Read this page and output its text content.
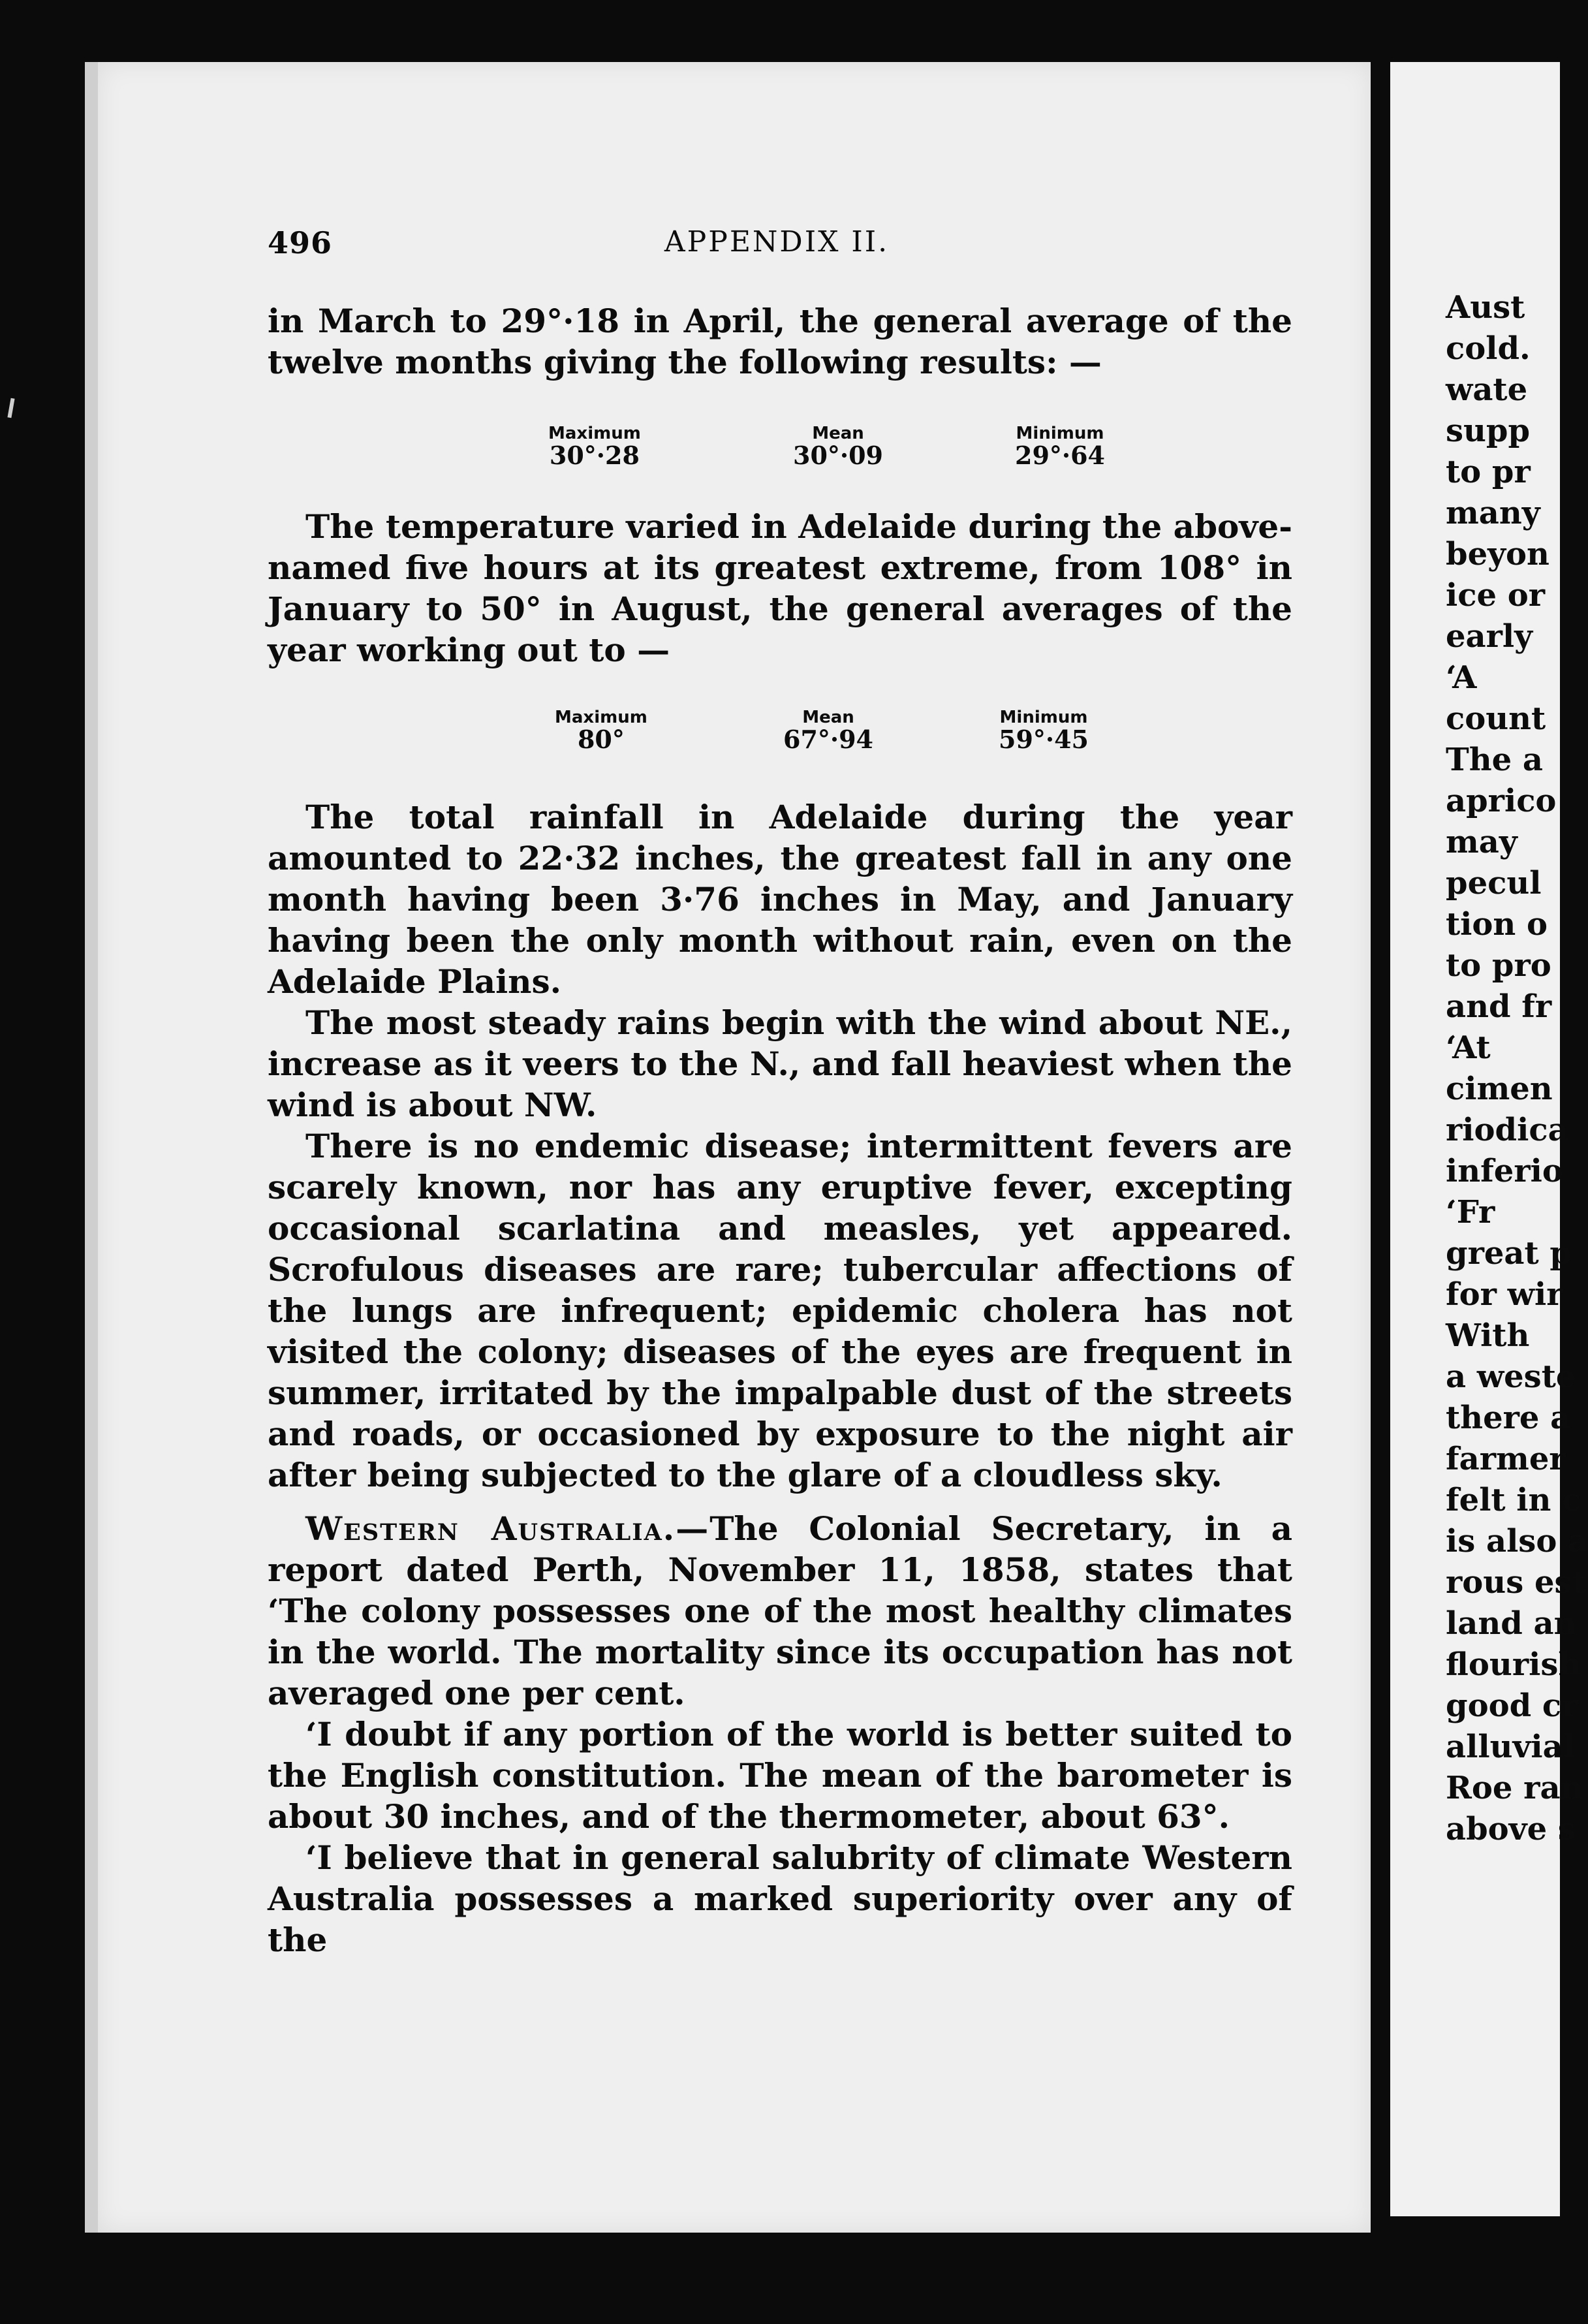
496	APPENDIX II.

in March to 29°·18 in April, the general average of the twelve months giving the following results: —

Maximum
30°·28
Mean
30°·09
Minimum
29°·64

The temperature varied in Adelaide during the above-named five hours at its greatest extreme, from 108° in January to 50° in August, the general averages of the year working out to —

Maximum
80°
Mean
67°·94
Minimum
59°·45

The total rainfall in Adelaide during the year amounted to 22·32 inches, the greatest fall in any one month having been 3·76 inches in May, and January having been the only month without rain, even on the Adelaide Plains.

The most steady rains begin with the wind about NE., increase as it veers to the N., and fall heaviest when the wind is about NW.

There is no endemic disease; intermittent fevers are scarely known, nor has any eruptive fever, excepting occasional scarlatina and measles, yet appeared. Scrofulous diseases are rare; tubercular affections of the lungs are infrequent; epidemic cholera has not visited the colony; diseases of the eyes are frequent in summer, irritated by the impalpable dust of the streets and roads, or occasioned by exposure to the night air after being subjected to the glare of a cloudless sky.

Western Australia.—The Colonial Secretary, in a report dated Perth, November 11, 1858, states that ‘The colony possesses one of the most healthy climates in the world. The mortality since its occupation has not averaged one per cent.

‘I doubt if any portion of the world is better suited to the English constitution. The mean of the barometer is about 30 inches, and of the thermometer, about 63°.

‘I believe that in general salubrity of climate Western Australia possesses a marked superiority over any of the

Aust
cold.
wate
supp
to pr
many
beyon
ice or
early
‘A
count
The a
aprico
may
pecul
tion o
to pro
and fr
‘At
cimen
riodica
inferio
‘Fr
great p
for wir
With
a weste
there a
farmer
felt in c
is also a
rous est
land an
flourish
good cr
alluvial
Roe ran
above s
